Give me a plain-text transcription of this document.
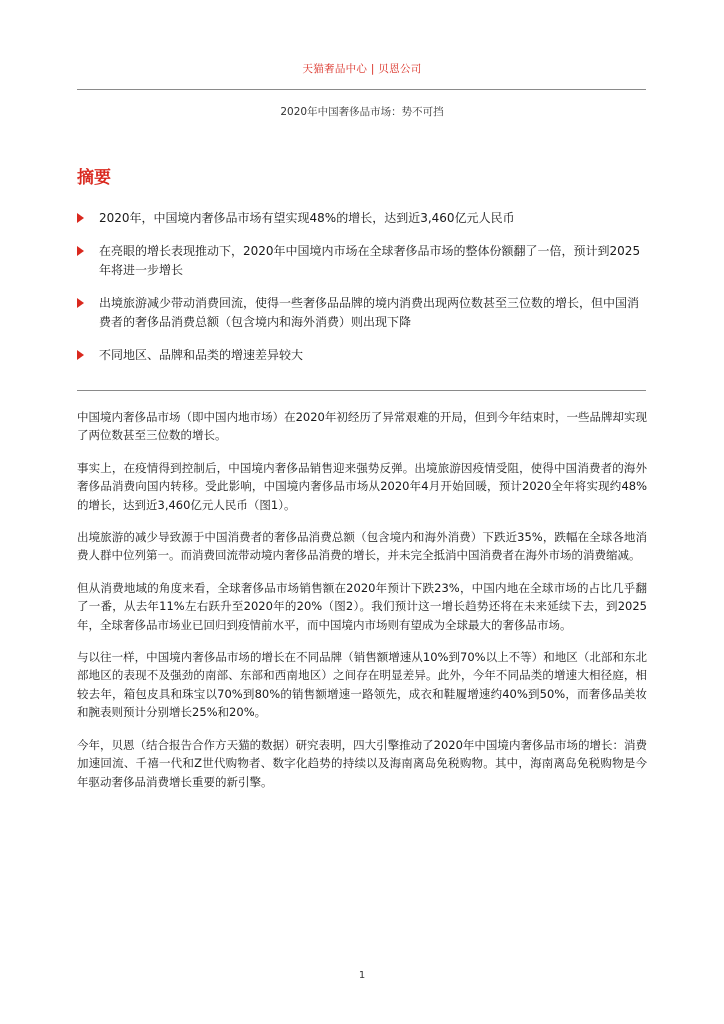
天猫奢品中心 | 贝恩公司
2020年中国奢侈品市场：势不可挡
摘要
2020年，中国境内奢侈品市场有望实现48%的增长，达到近3,460亿元人民币
在亮眼的增长表现推动下，2020年中国境内市场在全球奢侈品市场的整体份额翻了一倍，预计到2025年将进一步增长
出境旅游减少带动消费回流，使得一些奢侈品品牌的境内消费出现两位数甚至三位数的增长，但中国消费者的奢侈品消费总额（包含境内和海外消费）则出现下降
不同地区、品牌和品类的增速差异较大

中国境内奢侈品市场（即中国内地市场）在2020年初经历了异常艰难的开局，但到今年结束时，一些品牌却实现了两位数甚至三位数的增长。

事实上，在疫情得到控制后，中国境内奢侈品销售迎来强势反弹。出境旅游因疫情受阻，使得中国消费者的海外奢侈品消费向国内转移。受此影响，中国境内奢侈品市场从2020年4月开始回暖，预计2020全年将实现约48%的增长，达到近3,460亿元人民币（图1）。

出境旅游的减少导致源于中国消费者的奢侈品消费总额（包含境内和海外消费）下跌近35%，跌幅在全球各地消费人群中位列第一。而消费回流带动境内奢侈品消费的增长，并未完全抵消中国消费者在海外市场的消费缩减。

但从消费地域的角度来看，全球奢侈品市场销售额在2020年预计下跌23%，中国内地在全球市场的占比几乎翻了一番，从去年11%左右跃升至2020年的20%（图2）。我们预计这一增长趋势还将在未来延续下去，到2025年，全球奢侈品市场业已回归到疫情前水平，而中国境内市场则有望成为全球最大的奢侈品市场。

与以往一样，中国境内奢侈品市场的增长在不同品牌（销售额增速从10%到70%以上不等）和地区（北部和东北部地区的表现不及强劲的南部、东部和西南地区）之间存在明显差异。此外，今年不同品类的增速大相径庭，相较去年，箱包皮具和珠宝以70%到80%的销售额增速一路领先，成衣和鞋履增速约40%到50%，而奢侈品美妆和腕表则预计分别增长25%和20%。

今年，贝恩（结合报告合作方天猫的数据）研究表明，四大引擎推动了2020年中国境内奢侈品市场的增长：消费加速回流、千禧一代和Z世代购物者、数字化趋势的持续以及海南离岛免税购物。其中，海南离岛免税购物是今年驱动奢侈品消费增长重要的新引擎。

1
